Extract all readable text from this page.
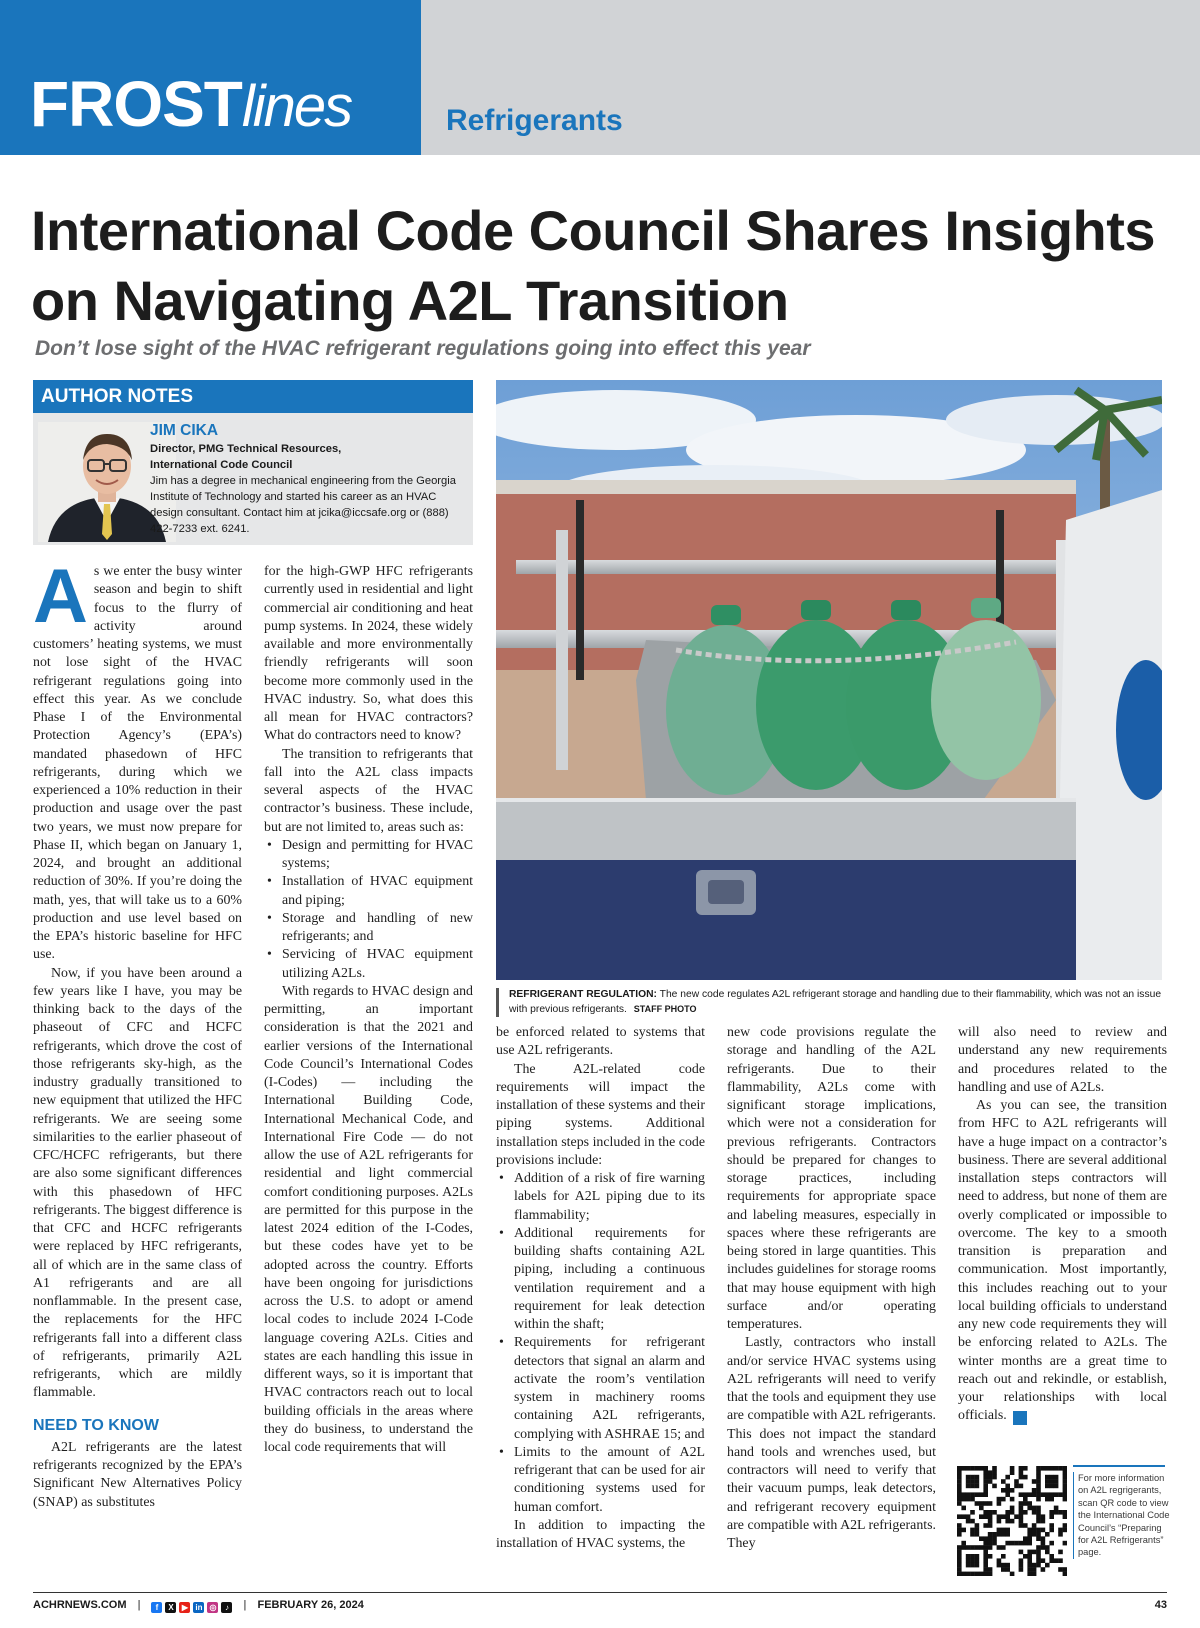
FROSTlines	Refrigerants
International Code Council Shares Insights on Navigating A2L Transition
Don’t lose sight of the HVAC refrigerant regulations going into effect this year
AUTHOR NOTES
JIM CIKA
Director, PMG Technical Resources,
International Code Council
Jim has a degree in mechanical engineering from the Georgia Institute of Technology and started his career as an HVAC design consultant. Contact him at jcika@iccsafe.org or (888) 422-7233 ext. 6241.
REFRIGERANT REGULATION: The new code regulates A2L refrigerant storage and handling due to their flammability, which was not an issue with previous refrigerants. STAFF PHOTO

As we enter the busy winter season and begin to shift focus to the flurry of activity around customers’ heating systems, we must not lose sight of the HVAC refrigerant regulations going into effect this year. As we conclude Phase I of the Environmental Protection Agency’s (EPA’s) mandated phasedown of HFC refrigerants, during which we experienced a 10% reduction in their production and usage over the past two years, we must now prepare for Phase II, which began on January 1, 2024, and brought an additional reduction of 30%. If you’re doing the math, yes, that will take us to a 60% production and use level based on the EPA’s historic baseline for HFC use.

Now, if you have been around a few years like I have, you may be thinking back to the days of the phaseout of CFC and HCFC refrigerants, which drove the cost of those refrigerants sky-high, as the industry gradually transitioned to new equipment that utilized the HFC refrigerants. We are seeing some similarities to the earlier phaseout of CFC/HCFC refrigerants, but there are also some significant differences with this phasedown of HFC refrigerants. The biggest difference is that CFC and HCFC refrigerants were replaced by HFC refrigerants, all of which are in the same class of A1 refrigerants and are all nonflammable. In the present case, the replacements for the HFC refrigerants fall into a different class of refrigerants, primarily A2L refrigerants, which are mildly flammable.

NEED TO KNOW

A2L refrigerants are the latest refrigerants recognized by the EPA’s Significant New Alternatives Policy (SNAP) as substitutes

for the high-GWP HFC refrigerants currently used in residential and light commercial air conditioning and heat pump systems. In 2024, these widely available and more environmentally friendly refrigerants will soon become more commonly used in the HVAC industry. So, what does this all mean for HVAC contractors? What do contractors need to know?

The transition to refrigerants that fall into the A2L class impacts several aspects of the HVAC contractor’s business. These include, but are not limited to, areas such as:

• Design and permitting for HVAC systems;
• Installation of HVAC equipment and piping;
• Storage and handling of new refrigerants; and
• Servicing of HVAC equipment utilizing A2Ls.

With regards to HVAC design and permitting, an important consideration is that the 2021 and earlier versions of the International Code Council’s International Codes (I-Codes) — including the International Building Code, International Mechanical Code, and International Fire Code — do not allow the use of A2L refrigerants for residential and light commercial comfort conditioning purposes. A2Ls are permitted for this purpose in the latest 2024 edition of the I-Codes, but these codes have yet to be adopted across the country. Efforts have been ongoing for jurisdictions across the U.S. to adopt or amend local codes to include 2024 I-Code language covering A2Ls. Cities and states are each handling this issue in different ways, so it is important that HVAC contractors reach out to local building officials in the areas where they do business, to understand the local code requirements that will

be enforced related to systems that use A2L refrigerants.

The A2L-related code requirements will impact the installation of these systems and their piping systems. Additional installation steps included in the code provisions include:

• Addition of a risk of fire warning labels for A2L piping due to its flammability;
• Additional requirements for building shafts containing A2L piping, including a continuous ventilation requirement and a requirement for leak detection within the shaft;
• Requirements for refrigerant detectors that signal an alarm and activate the room’s ventilation system in machinery rooms containing A2L refrigerants, complying with ASHRAE 15; and
• Limits to the amount of A2L refrigerant that can be used for air conditioning systems used for human comfort.

In addition to impacting the installation of HVAC systems, the

new code provisions regulate the storage and handling of the A2L refrigerants. Due to their flammability, A2Ls come with significant storage implications, which were not a consideration for previous refrigerants. Contractors should be prepared for changes to storage practices, including requirements for appropriate space and labeling measures, especially in spaces where these refrigerants are being stored in large quantities. This includes guidelines for storage rooms that may house equipment with high surface and/or operating temperatures.

Lastly, contractors who install and/or service HVAC systems using A2L refrigerants will need to verify that the tools and equipment they use are compatible with A2L refrigerants. This does not impact the standard hand tools and wrenches used, but contractors will need to verify that their vacuum pumps, leak detectors, and refrigerant recovery equipment are compatible with A2L refrigerants. They

will also need to review and understand any new requirements and procedures related to the handling and use of A2Ls.

As you can see, the transition from HFC to A2L refrigerants will have a huge impact on a contractor’s business. There are several additional installation steps contractors will need to address, but none of them are overly complicated or impossible to overcome. The key to a smooth transition is preparation and communication. Most importantly, this includes reaching out to your local building officials to understand any new code requirements they will be enforcing related to A2Ls. The winter months are a great time to reach out and rekindle, or establish, your relationships with local officials. N

For more information on A2L regrigerants, scan QR code to view the International Code Council’s “Preparing for A2L Refrigerants” page.
ACHRNEWS.COM |	f	X	▶ in ◎	♪	| FEBRUARY 26, 2024	43
